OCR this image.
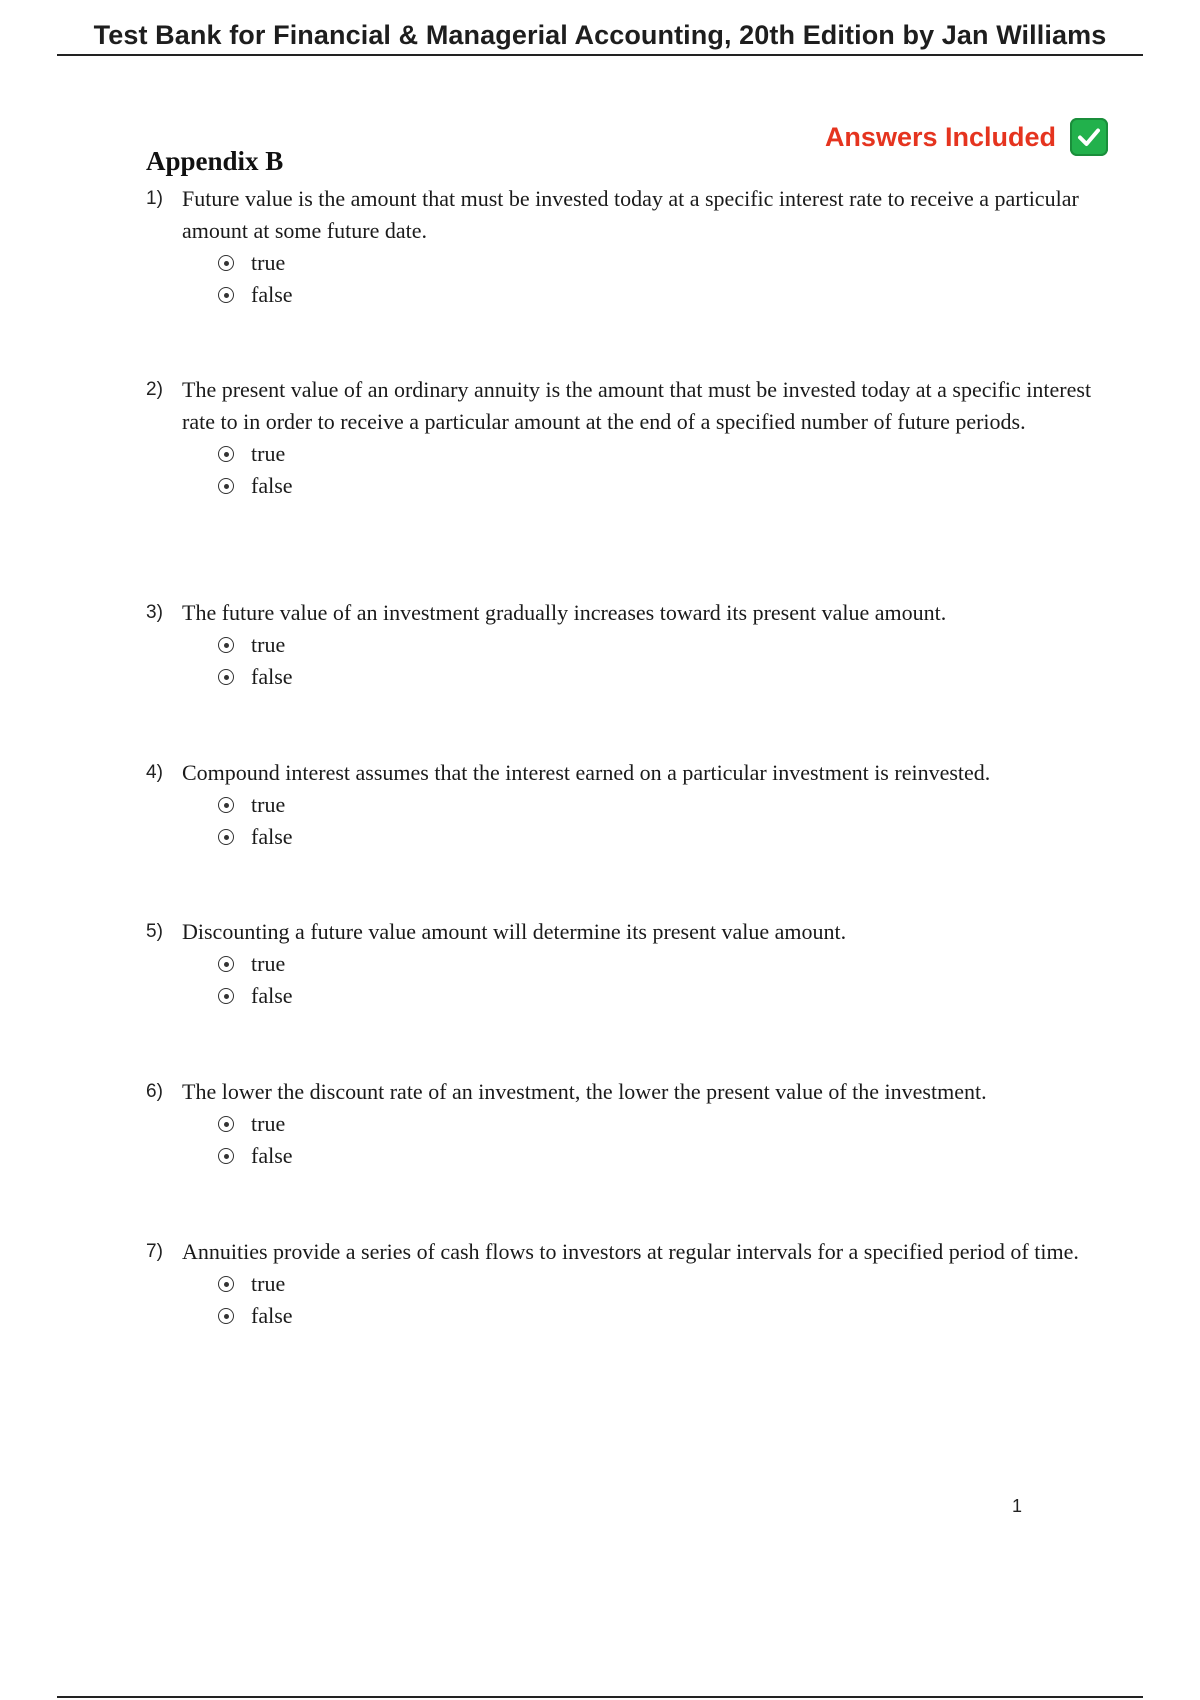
Test Bank for Financial & Managerial Accounting, 20th Edition by Jan Williams
Answers Included
Appendix B
1) Future value is the amount that must be invested today at a specific interest rate to receive a particular amount at some future date.
true
false
2) The present value of an ordinary annuity is the amount that must be invested today at a specific interest rate to in order to receive a particular amount at the end of a specified number of future periods.
true
false
3) The future value of an investment gradually increases toward its present value amount.
true
false
4) Compound interest assumes that the interest earned on a particular investment is reinvested.
true
false
5) Discounting a future value amount will determine its present value amount.
true
false
6) The lower the discount rate of an investment, the lower the present value of the investment.
true
false
7) Annuities provide a series of cash flows to investors at regular intervals for a specified period of time.
true
false
1
